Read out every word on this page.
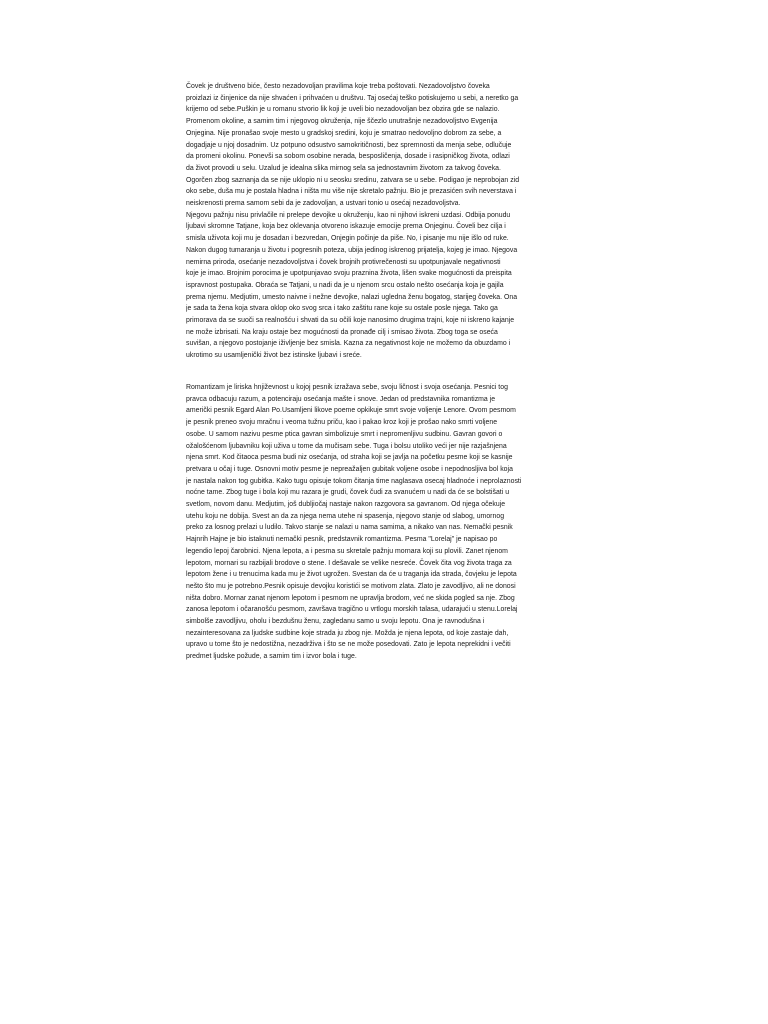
Čovek je društveno biće, često nezadovoljan pravilima koje treba poštovati. Nezadovoljstvo čoveka
proizlazi iz činjenice da nije shvaćen i prihvaćen u društvu. Taj osećaj teško potiskujemo u sebi, a neretko ga
krijemo od sebe.Puškin je u romanu stvorio lik koji je uveli bio nezadovoljan bez obzira gde se nalazio.
Promenom okoline, a samim tim i njegovog okruženja, nije ščezlo unutrašnje nezadovoljstvo Evgenija
Onjegina. Nije pronašao svoje mesto u gradskoj sredini, koju je smatrao nedovoljno dobrom za sebe, a
dogadjaje u njoj dosadnim. Uz potpuno odsustvo samokritičnosti, bez spremnosti da menja sebe, odlučuje
da promeni okolinu. Ponevši sa sobom osobine nerada, besposličenja, dosade i rasipničkog života, odlazi
da život provodi u selu. Uzalud je idealna slika mirnog sela sa jednostavnim životom za takvog čoveka.
Ogorčen zbog saznanja da se nije uklopio ni u seosku sredinu, zatvara se u sebe. Podigao je neprobojan zid
oko sebe, duša mu je postala hladna i ništa mu više nije skretalo pažnju. Bio je prezasićen svih neverstava i
neiskrenosti prema samom sebi da je zadovoljan, a ustvari tonio u osećaj nezadovoljstva.
Njegovu pažnju nisu privlačile ni prelepe devojke u okruženju, kao ni njihovi iskreni uzdasi. Odbija ponudu
ljubavi skromne Tatjane, koja bez oklevanja otvoreno iskazuje emocije prema Onjeginu. Čoveli bez cilja i
smisla uživota koji mu je dosadan i bezvredan, Onjegin počinje da piše. No, i pisanje mu nije išlo od ruke.
Nakon dugog tumaranja u životu i pogresnih poteza, ubija jedinog iskrenog prijatelja, kojeg je imao. Njegova
nemirna priroda, osećanje nezadovoljstva i čovek brojnih protivrečenosti su upotpunjavale negativnosti
koje je imao. Brojnim porocima je upotpunjavao svoju praznina života, lišen svake mogućnosti da preispita
ispravnost postupaka. Obraća se Tatjani, u nadi da je u njenom srcu ostalo nešto osećanja koja je gajila
prema njemu. Medjutim, umesto naivne i nežne devojke, nalazi ugledna ženu bogatog, starijeg čoveka. Ona
je sada ta žena koja stvara oklop oko svog srca i tako zaštitu rane koje su ostale posle njega. Tako ga
primorava da se suoči sa realnošću i shvati da su očili koje nanosimo drugima trajni, koje ni iskreno kajanje
ne može izbrisati. Na kraju ostaje bez mogućnosti da pronađe cilj i smisao života. Zbog toga se oseća
suvišan, a njegovo postojanje iživljenje bez smisla. Kazna za negativnost koje ne možemo da obuzdamo i
ukrotimo su usamljenički život bez istinske ljubavi i sreće.
Romantizam je liriska hnjiževnost u kojoj pesnik izražava sebe, svoju ličnost i svoja osećanja. Pesnici tog
pravca odbacuju razum, a potenciraju osećanja mašte i snove. Jedan od predstavnika romantizma je
američki pesnik Egard Alan Po.Usamljeni likove poeme opkikuje smrt svoje voljenje Lenore. Ovom pesmom
je pesnik preneo svoju mračnu i veoma tužnu priču, kao i pakao kroz koji je prošao nako smrti voljene
osobe. U samom nazivu pesme ptica gavran simbolizuje smrt i nepromenljivu sudbinu. Gavran govori o
ožalošćenom ljubavniku koji uživa u tome da mučisam sebe. Tuga i bolsu utoliko veći jer nije razjašnjena
njena smrt. Kod čitaoca pesma budi niz osećanja, od straha koji se javlja na početku pesme koji se kasnije
pretvara u očaj i tuge. Osnovni motiv pesme je nepreažaljen gubitak voljene osobe i nepodnosljiva bol koja
je nastala nakon tog gubitka. Kako tugu opisuje tokom čitanja time naglasava osecaj hladnoće i neprolaznosti
noćne tame. Zbog tuge i bola koji mu razara je grudi, čovek čudi za svanućem u nadi da će se bolstišati u
svetlom, novom danu. Medjutim, još dubljiočaj nastaje nakon razgovora sa gavranom. Od njega očekuje
utehu koju ne dobija. Svest an da za njega nema utehe ni spasenja, njegovo stanje od slabog, umornog
preko za losnog prelazi u ludilo. Takvo stanje se nalazi u nama samima, a nikako van nas. Nemački pesnik
Hajnrih Hajne je bio istaknuti nemački pesnik, predstavnik romantizma. Pesma "Lorelaj" je napisao po
legendio lepoj čarobnici. Njena lepota, a i pesma su skretale pažnju mornara koji su plovili. Zanet njenom
lepotom, mornari su razbijali brodove o stene. I dešavale se velike nesreće. Čovek čita vog života traga za
lepotom žene i u trenucima kada mu je život ugrožen. Svestan da će u traganja ida strada, čovjeku je lepota
nešto što mu je potrebno.Pesnik opisuje devojku koristići se motivom zlata. Zlato je zavodljivo, ali ne donosi
ništa dobro. Mornar zanat njenom lepotom i pesmom ne upravlja brodom, već ne skida pogled sa nje. Zbog
zanosa lepotom i očaranošću pesmom, završava tragično u vrtlogu morskih talasa, udarajući u stenu.Lorelaj
simbolše zavodljivu, oholu i bezdušnu ženu, zagledanu samo u svoju lepotu. Ona je ravnodušna i
nezainteresovana za ljudske sudbine koje strada ju zbog nje. Možda je njena lepota, od koje zastaje dah,
upravo u tome što je nedostižna, nezadrživa i što se ne može posedovati. Zato je lepota neprekidni i večiti
predmet ljudske požude, a samim tim i izvor bola i tuge.
